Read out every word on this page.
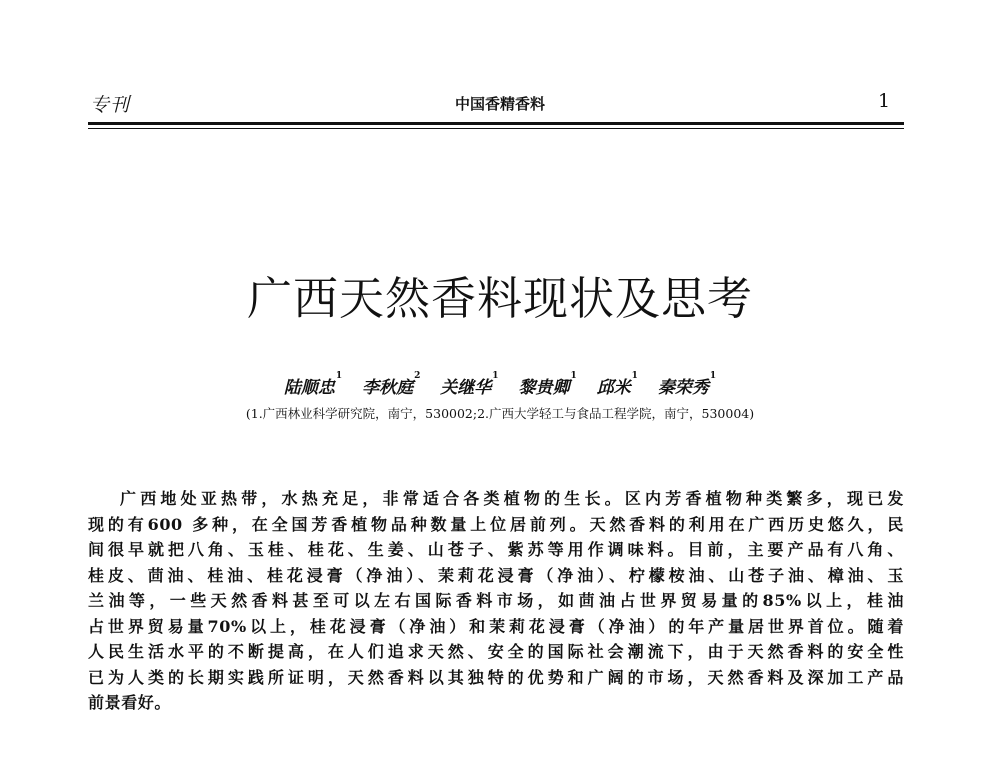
专刊	中国香精香料	1
广西天然香料现状及思考
陆顺忠$^1$ 李秋庭$^2$ 关继华$^1$ 黎贵卿$^1$ 邱米$^1$ 秦荣秀$^1$
(1.广西林业科学研究院，南宁，530002;2.广西大学轻工与食品工程学院，南宁，530004)
广西地处亚热带，水热充足，非常适合各类植物的生长。区内芳香植物种类繁多，现已发
现的有600 多种，在全国芳香植物品种数量上位居前列。天然香料的利用在广西历史悠久，民
间很早就把八角、玉桂、桂花、生姜、山苍子、紫苏等用作调味料。目前，主要产品有八角、
桂皮、茴油、桂油、桂花浸膏（净油）、茉莉花浸膏（净油）、柠檬桉油、山苍子油、樟油、玉
兰油等，一些天然香料甚至可以左右国际香料市场，如茴油占世界贸易量的85%以上，桂油
占世界贸易量70%以上，桂花浸膏（净油）和茉莉花浸膏（净油）的年产量居世界首位。随着
人民生活水平的不断提高，在人们追求天然、安全的国际社会潮流下，由于天然香料的安全性
已为人类的长期实践所证明，天然香料以其独特的优势和广阔的市场，天然香料及深加工产品
前景看好。
